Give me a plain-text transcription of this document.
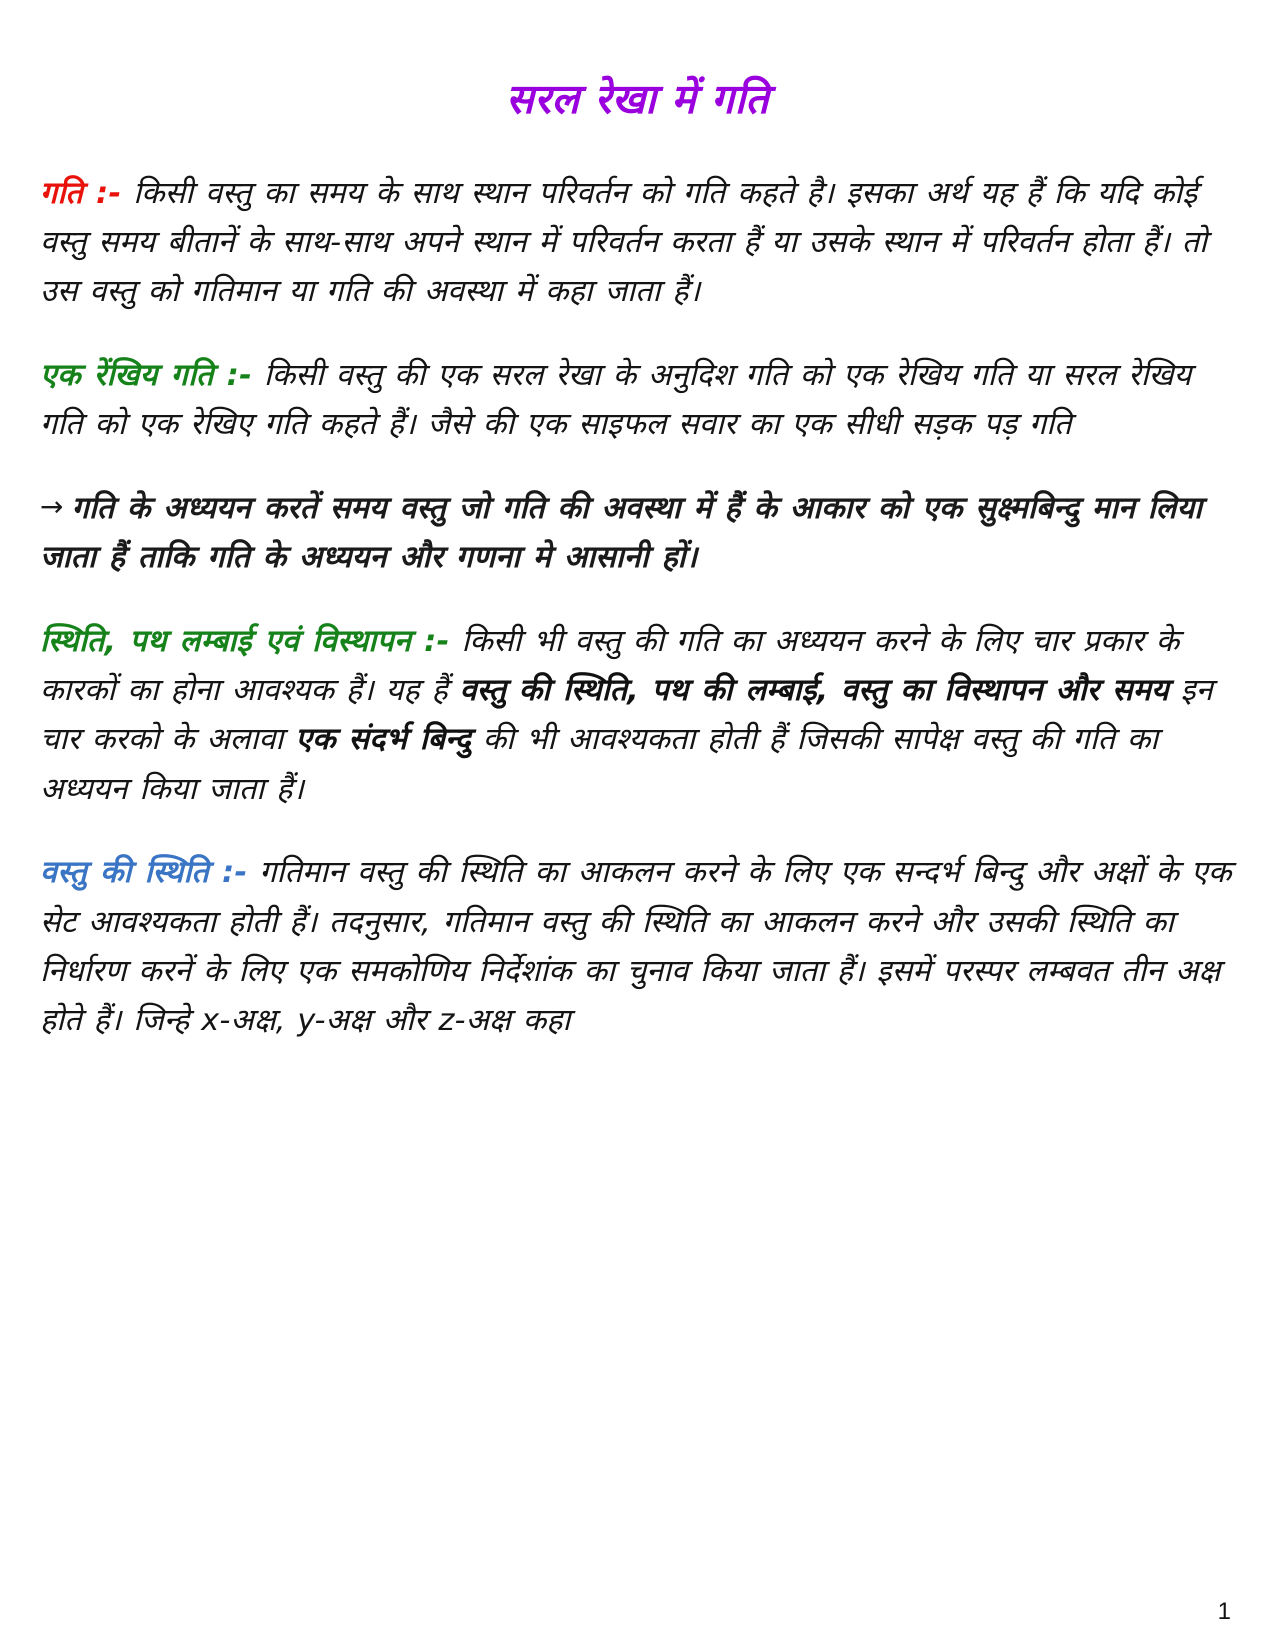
सरल रेखा में गति

गति :- किसी वस्तु का समय के साथ स्थान परिवर्तन को गति कहते है। इसका अर्थ यह हैं कि यदि कोई वस्तु समय बीतानें के साथ-साथ अपने स्थान में परिवर्तन करता हैं या उसके स्थान में परिवर्तन होता हैं। तो उस वस्तु को गतिमान या गति की अवस्था में कहा जाता हैं।

एक रेंखिय गति :- किसी वस्तु की एक सरल रेखा के अनुदिश गति को एक रेखिय गति या सरल रेखिय गति को एक रेखिए गति कहते हैं। जैसे की एक साइफल सवार का एक सीधी सड़क पड़ गति

→ गति के अध्ययन करतें समय वस्तु जो गति की अवस्था में हैं के आकार को एक सुक्ष्मबिन्दु मान लिया जाता हैं ताकि गति के अध्ययन और गणना मे आसानी हों।

स्थिति, पथ लम्बाई एवं विस्थापन :- किसी भी वस्तु की गति का अध्ययन करने के लिए चार प्रकार के कारकों का होना आवश्यक हैं। यह हैं वस्तु की स्थिति, पथ की लम्बाई, वस्तु का विस्थापन और समय इन चार करको के अलावा एक संदर्भ बिन्दु की भी आवश्यकता होती हैं जिसकी सापेक्ष वस्तु की गति का अध्ययन किया जाता हैं।

वस्तु की स्थिति :- गतिमान वस्तु की स्थिति का आकलन करने के लिए एक सन्दर्भ बिन्दु और अक्षों के एक सेट आवश्यकता होती हैं। तदनुसार, गतिमान वस्तु की स्थिति का आकलन करने और उसकी स्थिति का निर्धारण करनें के लिए एक समकोणिय निर्देशांक का चुनाव किया जाता हैं। इसमें परस्पर लम्बवत तीन अक्ष होते हैं। जिन्हे x-अक्ष, y-अक्ष और z-अक्ष कहा

1
